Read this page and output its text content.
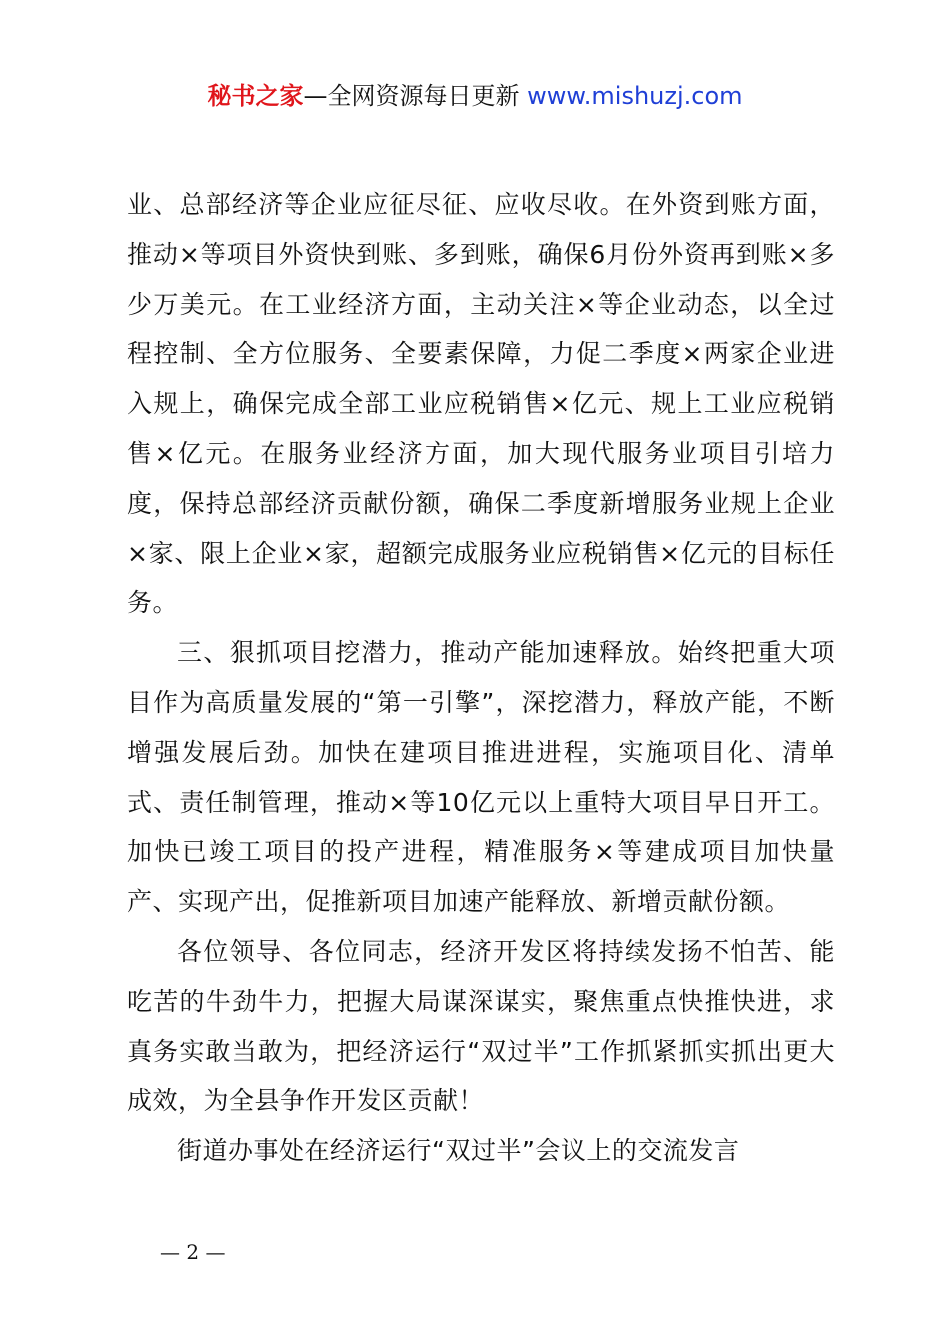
秘书之家—全网资源每日更新 www.mishuzj.com

业、总部经济等企业应征尽征、应收尽收。在外资到账方面，推动×等项目外资快到账、多到账，确保6月份外资再到账×多少万美元。在工业经济方面，主动关注×等企业动态，以全过程控制、全方位服务、全要素保障，力促二季度×两家企业进入规上，确保完成全部工业应税销售×亿元、规上工业应税销售×亿元。在服务业经济方面，加大现代服务业项目引培力度，保持总部经济贡献份额，确保二季度新增服务业规上企业×家、限上企业×家，超额完成服务业应税销售×亿元的目标任务。

三、狠抓项目挖潜力，推动产能加速释放。始终把重大项目作为高质量发展的“第一引擎”，深挖潜力，释放产能，不断增强发展后劲。加快在建项目推进进程，实施项目化、清单式、责任制管理，推动×等10亿元以上重特大项目早日开工。加快已竣工项目的投产进程，精准服务×等建成项目加快量产、实现产出，促推新项目加速产能释放、新增贡献份额。

各位领导、各位同志，经济开发区将持续发扬不怕苦、能吃苦的牛劲牛力，把握大局谋深谋实，聚焦重点快推快进，求真务实敢当敢为，把经济运行“双过半”工作抓紧抓实抓出更大成效，为全县争作开发区贡献！

街道办事处在经济运行“双过半”会议上的交流发言

— 2 —
